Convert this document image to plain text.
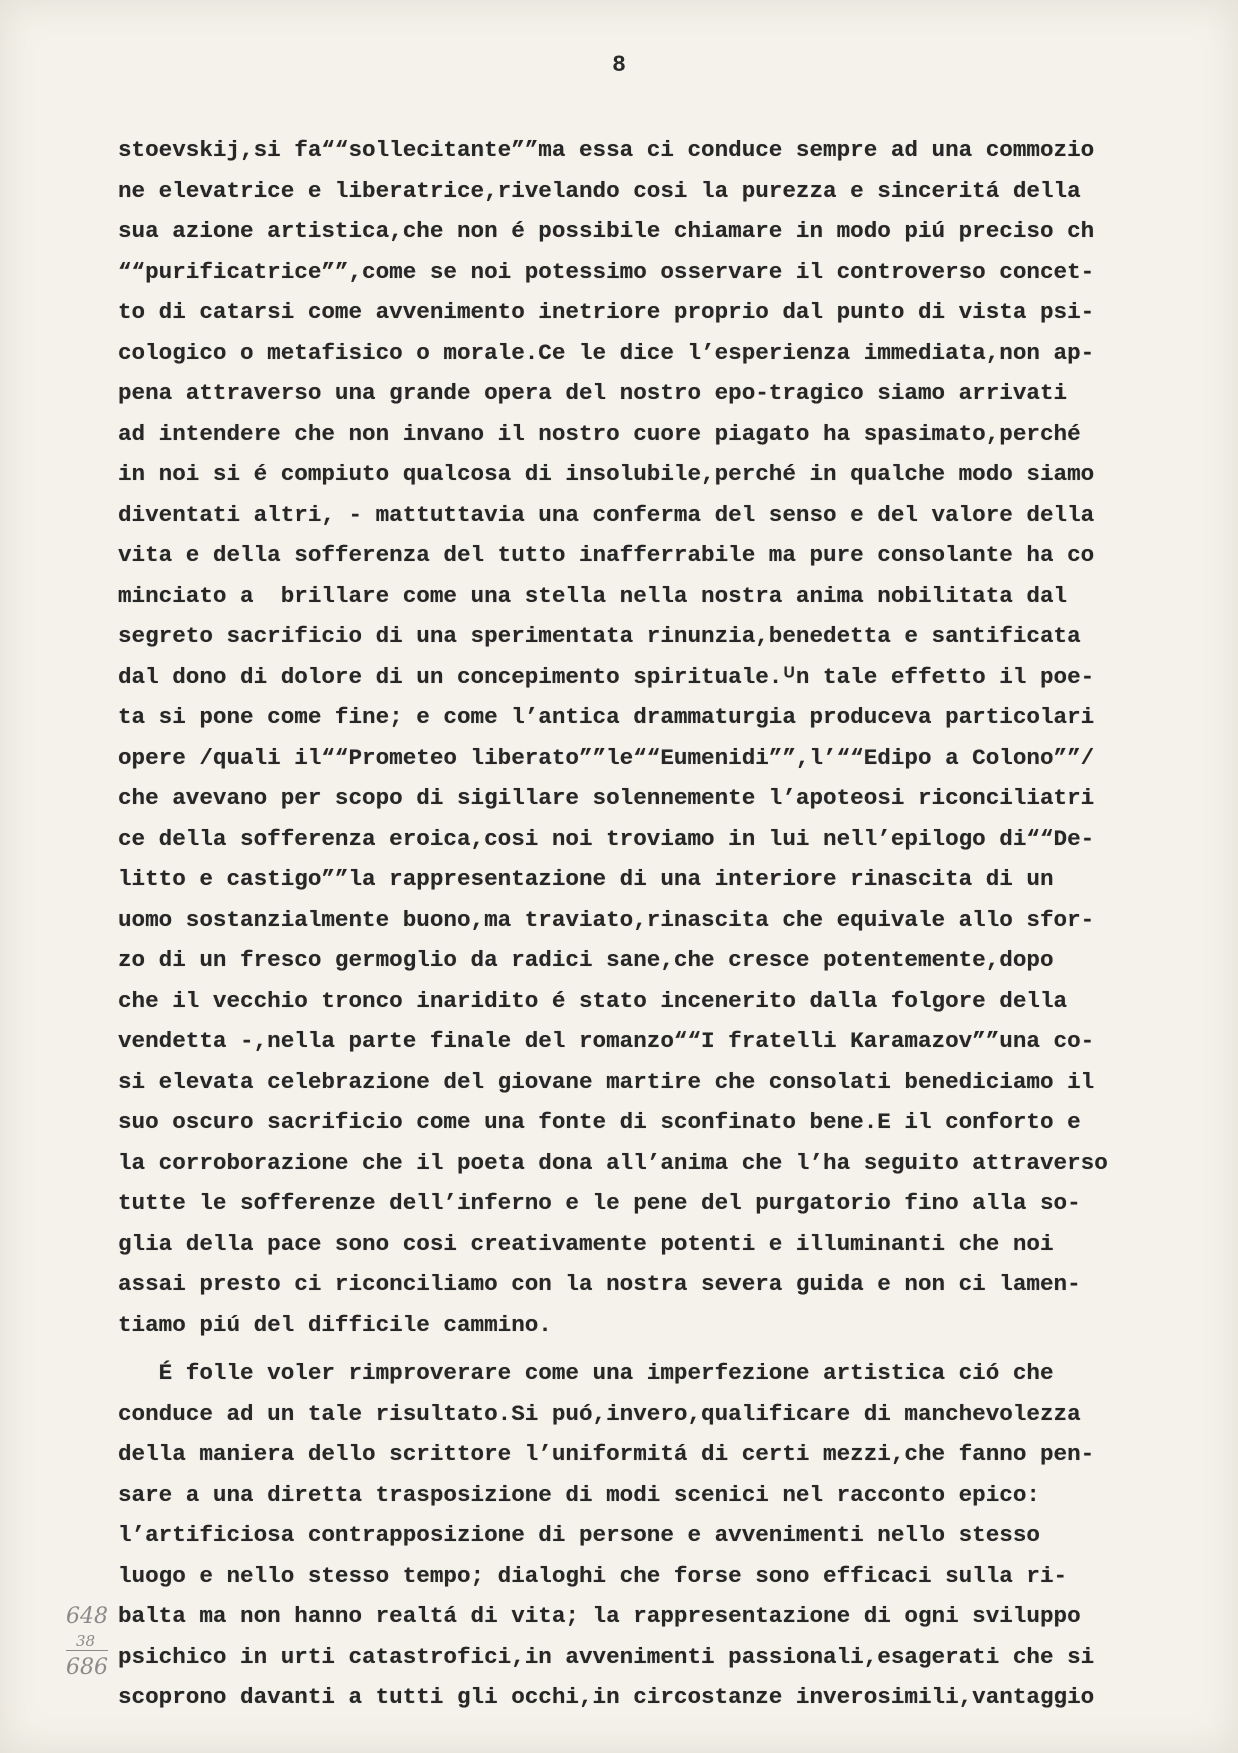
8
stoevskij,si fa““sollecitante””ma essa ci conduce sempre ad una commozio
ne elevatrice e liberatrice,rivelando cosi la purezza e sinceritá della
sua azione artistica,che non é possibile chiamare in modo piú preciso ch
““purificatrice””,come se noi potessimo osservare il controverso concet-
to di catarsi come avvenimento inetriore proprio dal punto di vista psi-
cologico o metafisico o morale.Ce le dice l’esperienza immediata,non ap-
pena attraverso una grande opera del nostro epo-tragico siamo arrivati
ad intendere che non invano il nostro cuore piagato ha spasimato,perché
in noi si é compiuto qualcosa di insolubile,perché in qualche modo siamo
diventati altri, - mattuttavia una conferma del senso e del valore della
vita e della sofferenza del tutto inafferrabile ma pure consolante ha co
minciato a  brillare come una stella nella nostra anima nobilitata dal
segreto sacrificio di una sperimentata rinunzia,benedetta e santificata
dal dono di dolore di un concepimento spirituale.ᵁn tale effetto il poe-
ta si pone come fine; e come l’antica drammaturgia produceva particolari
opere /quali il““Prometeo liberato””le““Eumenidi””,l’““Edipo a Colono””/
che avevano per scopo di sigillare solennemente l’apoteosi riconciliatri
ce della sofferenza eroica,cosi noi troviamo in lui nell’epilogo di““De-
litto e castigo””la rappresentazione di una interiore rinascita di un
uomo sostanzialmente buono,ma traviato,rinascita che equivale allo sfor-
zo di un fresco germoglio da radici sane,che cresce potentemente,dopo
che il vecchio tronco inaridito é stato incenerito dalla folgore della
vendetta -,nella parte finale del romanzo““I fratelli Karamazov””una co-
si elevata celebrazione del giovane martire che consolati benediciamo il
suo oscuro sacrificio come una fonte di sconfinato bene.E il conforto e
la corroborazione che il poeta dona all’anima che l’ha seguito attraverso
tutte le sofferenze dell’inferno e le pene del purgatorio fino alla so-
glia della pace sono cosi creativamente potenti e illuminanti che noi
assai presto ci riconciliamo con la nostra severa guida e non ci lamen-
tiamo piú del difficile cammino.
É folle voler rimproverare come una imperfezione artistica ció che
conduce ad un tale risultato.Si puó,invero,qualificare di manchevolezza
della maniera dello scrittore l’uniformitá di certi mezzi,che fanno pen-
sare a una diretta trasposizione di modi scenici nel racconto epico:
l’artificiosa contrapposizione di persone e avvenimenti nello stesso
luogo e nello stesso tempo; dialoghi che forse sono efficaci sulla ri-
balta ma non hanno realtá di vita; la rappresentazione di ogni sviluppo
psichico in urti catastrofici,in avvenimenti passionali,esagerati che si
scoprono davanti a tutti gli occhi,in circostanze inverosimili,vantaggio
648
38
686
